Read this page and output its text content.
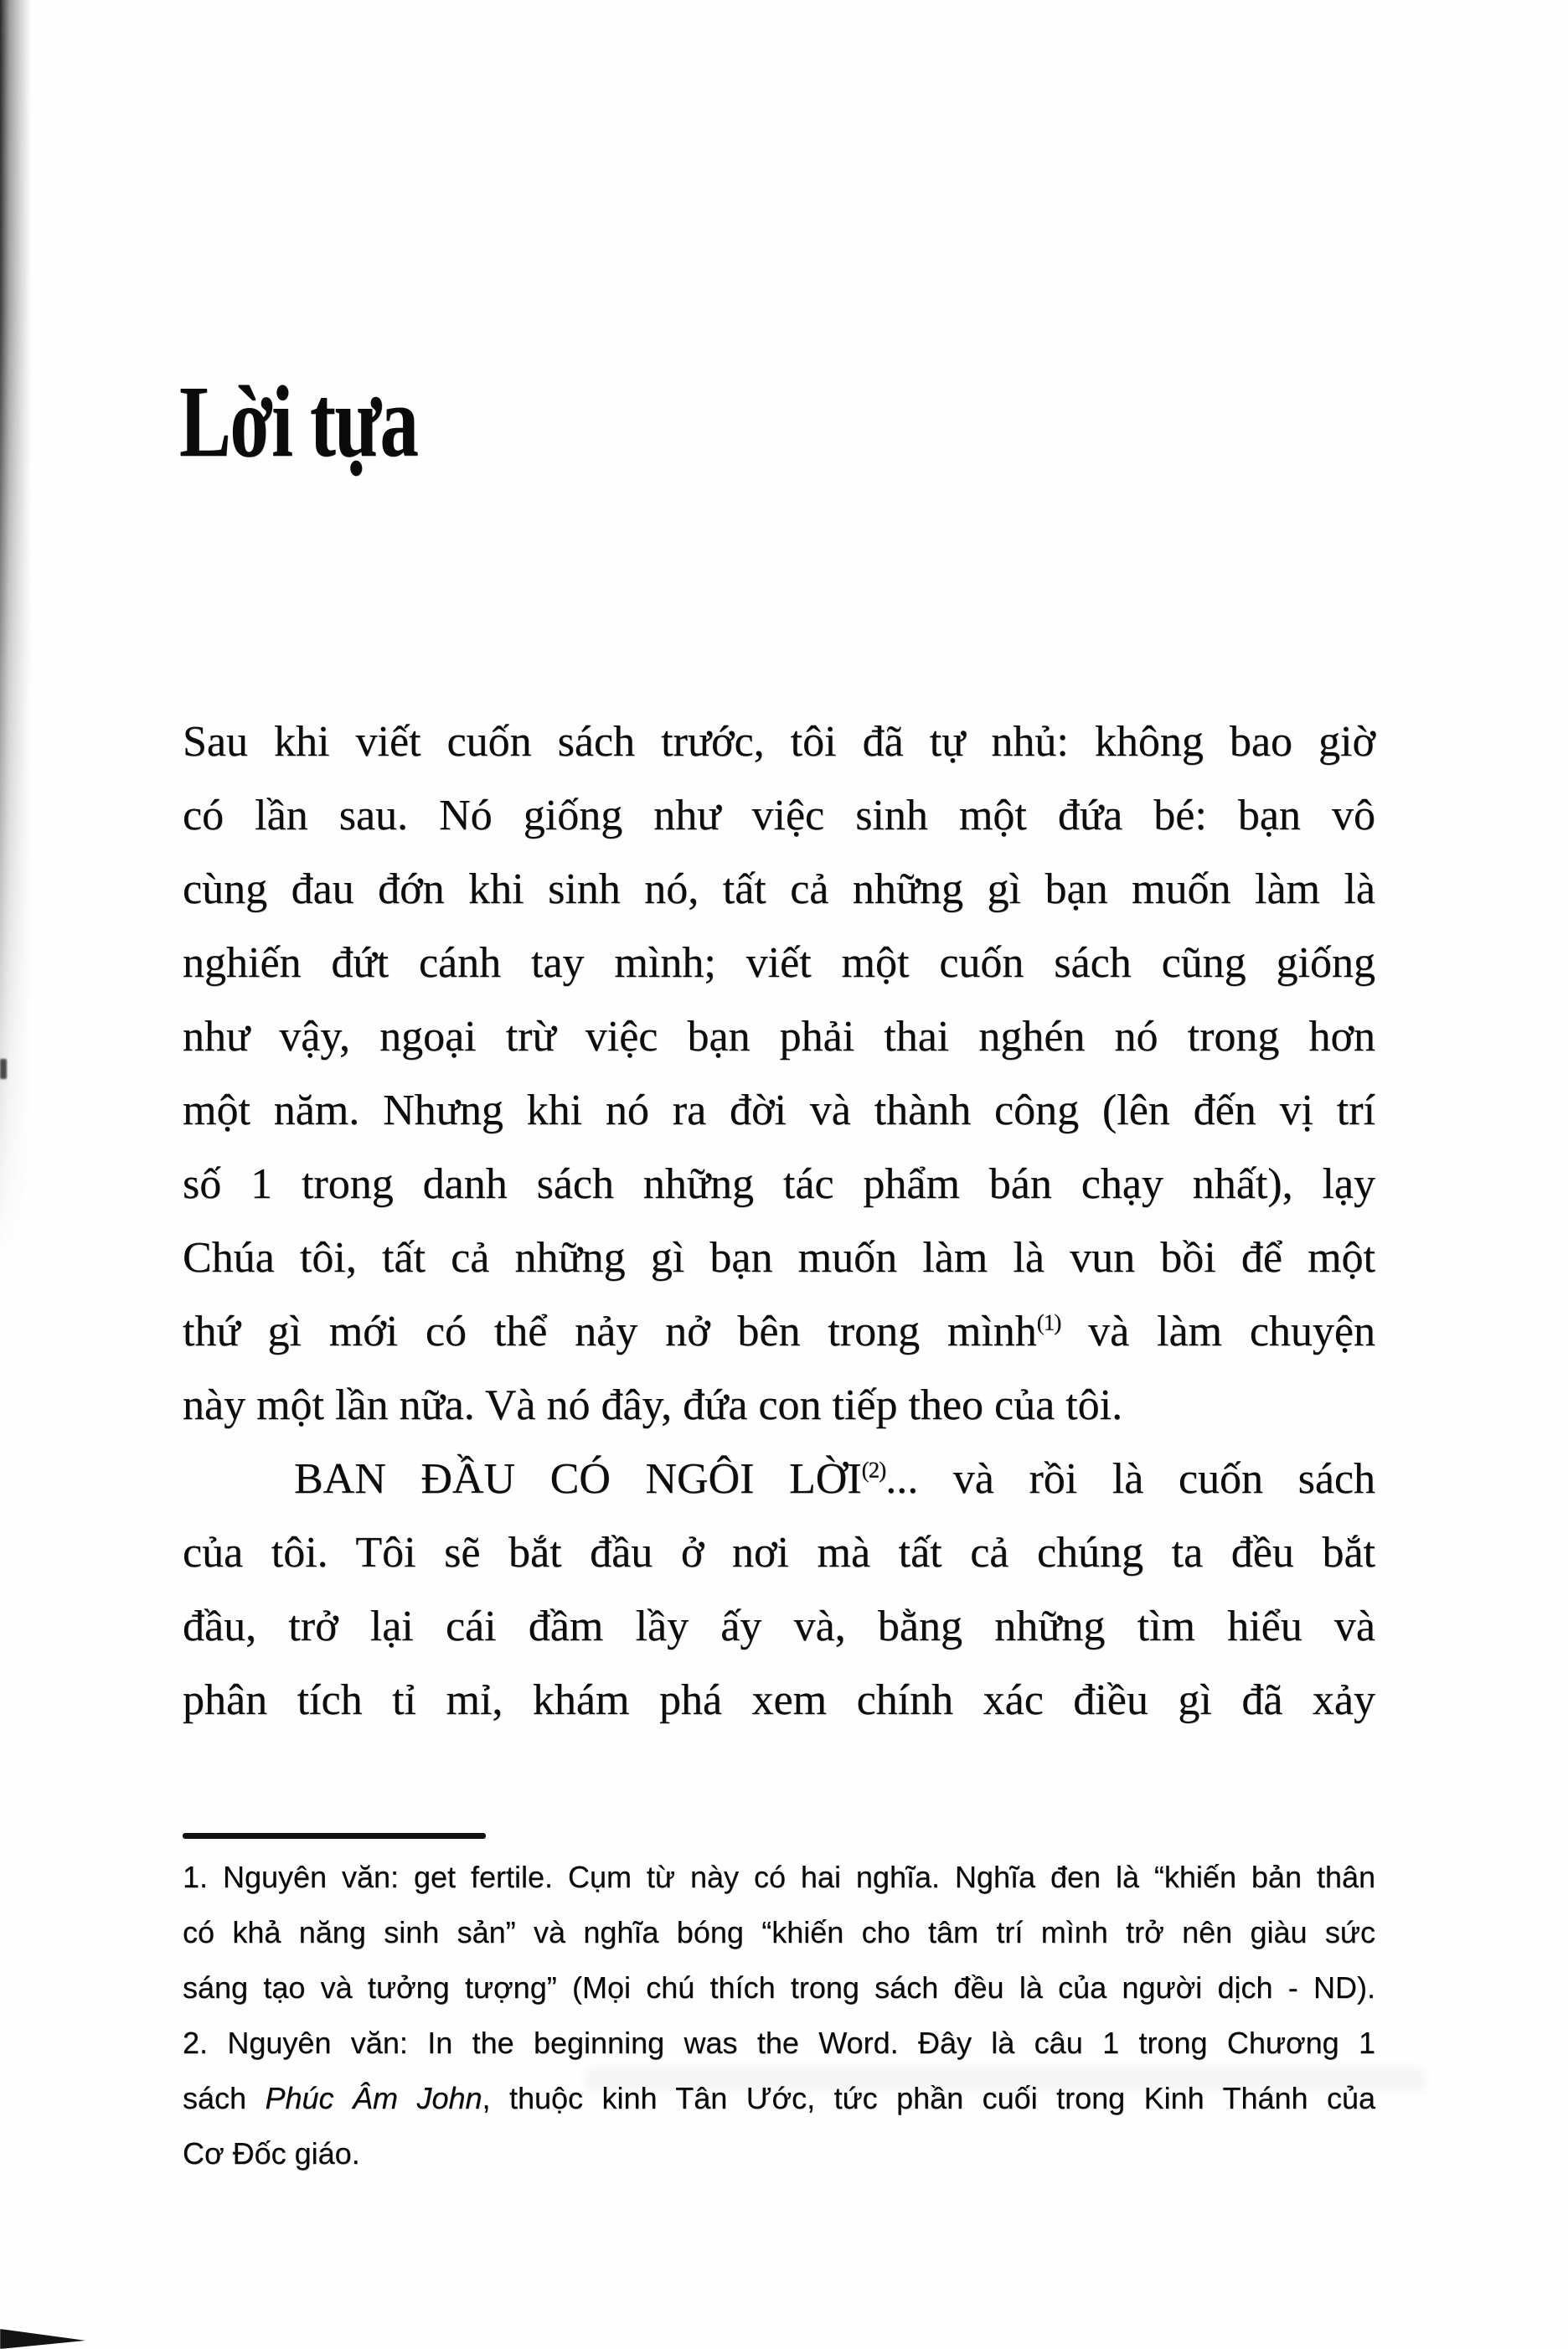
Lời tựa
Sau khi viết cuốn sách trước, tôi đã tự nhủ: không bao giờ
có lần sau. Nó giống như việc sinh một đứa bé: bạn vô
cùng đau đớn khi sinh nó, tất cả những gì bạn muốn làm là
nghiến đứt cánh tay mình; viết một cuốn sách cũng giống
như vậy, ngoại trừ việc bạn phải thai nghén nó trong hơn
một năm. Nhưng khi nó ra đời và thành công (lên đến vị trí
số 1 trong danh sách những tác phẩm bán chạy nhất), lạy
Chúa tôi, tất cả những gì bạn muốn làm là vun bồi để một
thứ gì mới có thể nảy nở bên trong mình$^{(1)}$ và làm chuyện
này một lần nữa. Và nó đây, đứa con tiếp theo của tôi.
BAN ĐẦU CÓ NGÔI LỜI$^{(2)}$... và rồi là cuốn sách
của tôi. Tôi sẽ bắt đầu ở nơi mà tất cả chúng ta đều bắt
đầu, trở lại cái đầm lầy ấy và, bằng những tìm hiểu và
phân tích tỉ mỉ, khám phá xem chính xác điều gì đã xảy
1. Nguyên văn: get fertile. Cụm từ này có hai nghĩa. Nghĩa đen là “khiến bản thân
có khả năng sinh sản” và nghĩa bóng “khiến cho tâm trí mình trở nên giàu sức
sáng tạo và tưởng tượng” (Mọi chú thích trong sách đều là của người dịch - ND).
2. Nguyên văn: In the beginning was the Word. Đây là câu 1 trong Chương 1
sách Phúc Âm John, thuộc kinh Tân Ước, tức phần cuối trong Kinh Thánh của
Cơ Đốc giáo.
